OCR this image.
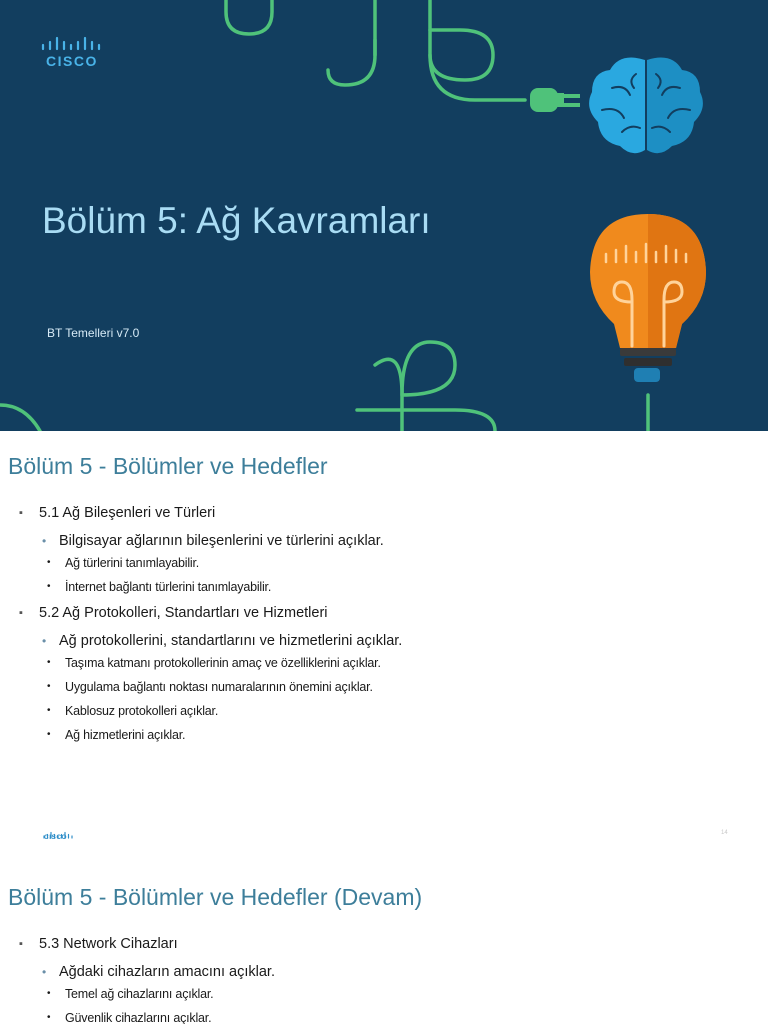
CISCO
Bölüm 5: Ağ Kavramları
BT Temelleri v7.0
Bölüm 5 - Bölümler ve Hedefler
▪ 5.1 Ağ Bileşenleri ve Türleri
• Bilgisayar ağlarının bileşenlerini ve türlerini açıklar.
• Ağ türlerini tanımlayabilir.
• İnternet bağlantı türlerini tanımlayabilir.
▪ 5.2 Ağ Protokolleri, Standartları ve Hizmetleri
• Ağ protokollerini, standartlarını ve hizmetlerini açıklar.
• Taşıma katmanı protokollerinin amaç ve özelliklerini açıklar.
• Uygulama bağlantı noktası numaralarının önemini açıklar.
• Kablosuz protokolleri açıklar.
• Ağ hizmetlerini açıklar.
CISCO
14
Bölüm 5 - Bölümler ve Hedefler (Devam)
▪ 5.3 Network Cihazları
• Ağdaki cihazların amacını açıklar.
• Temel ağ cihazlarını açıklar.
• Güvenlik cihazlarını açıklar.
